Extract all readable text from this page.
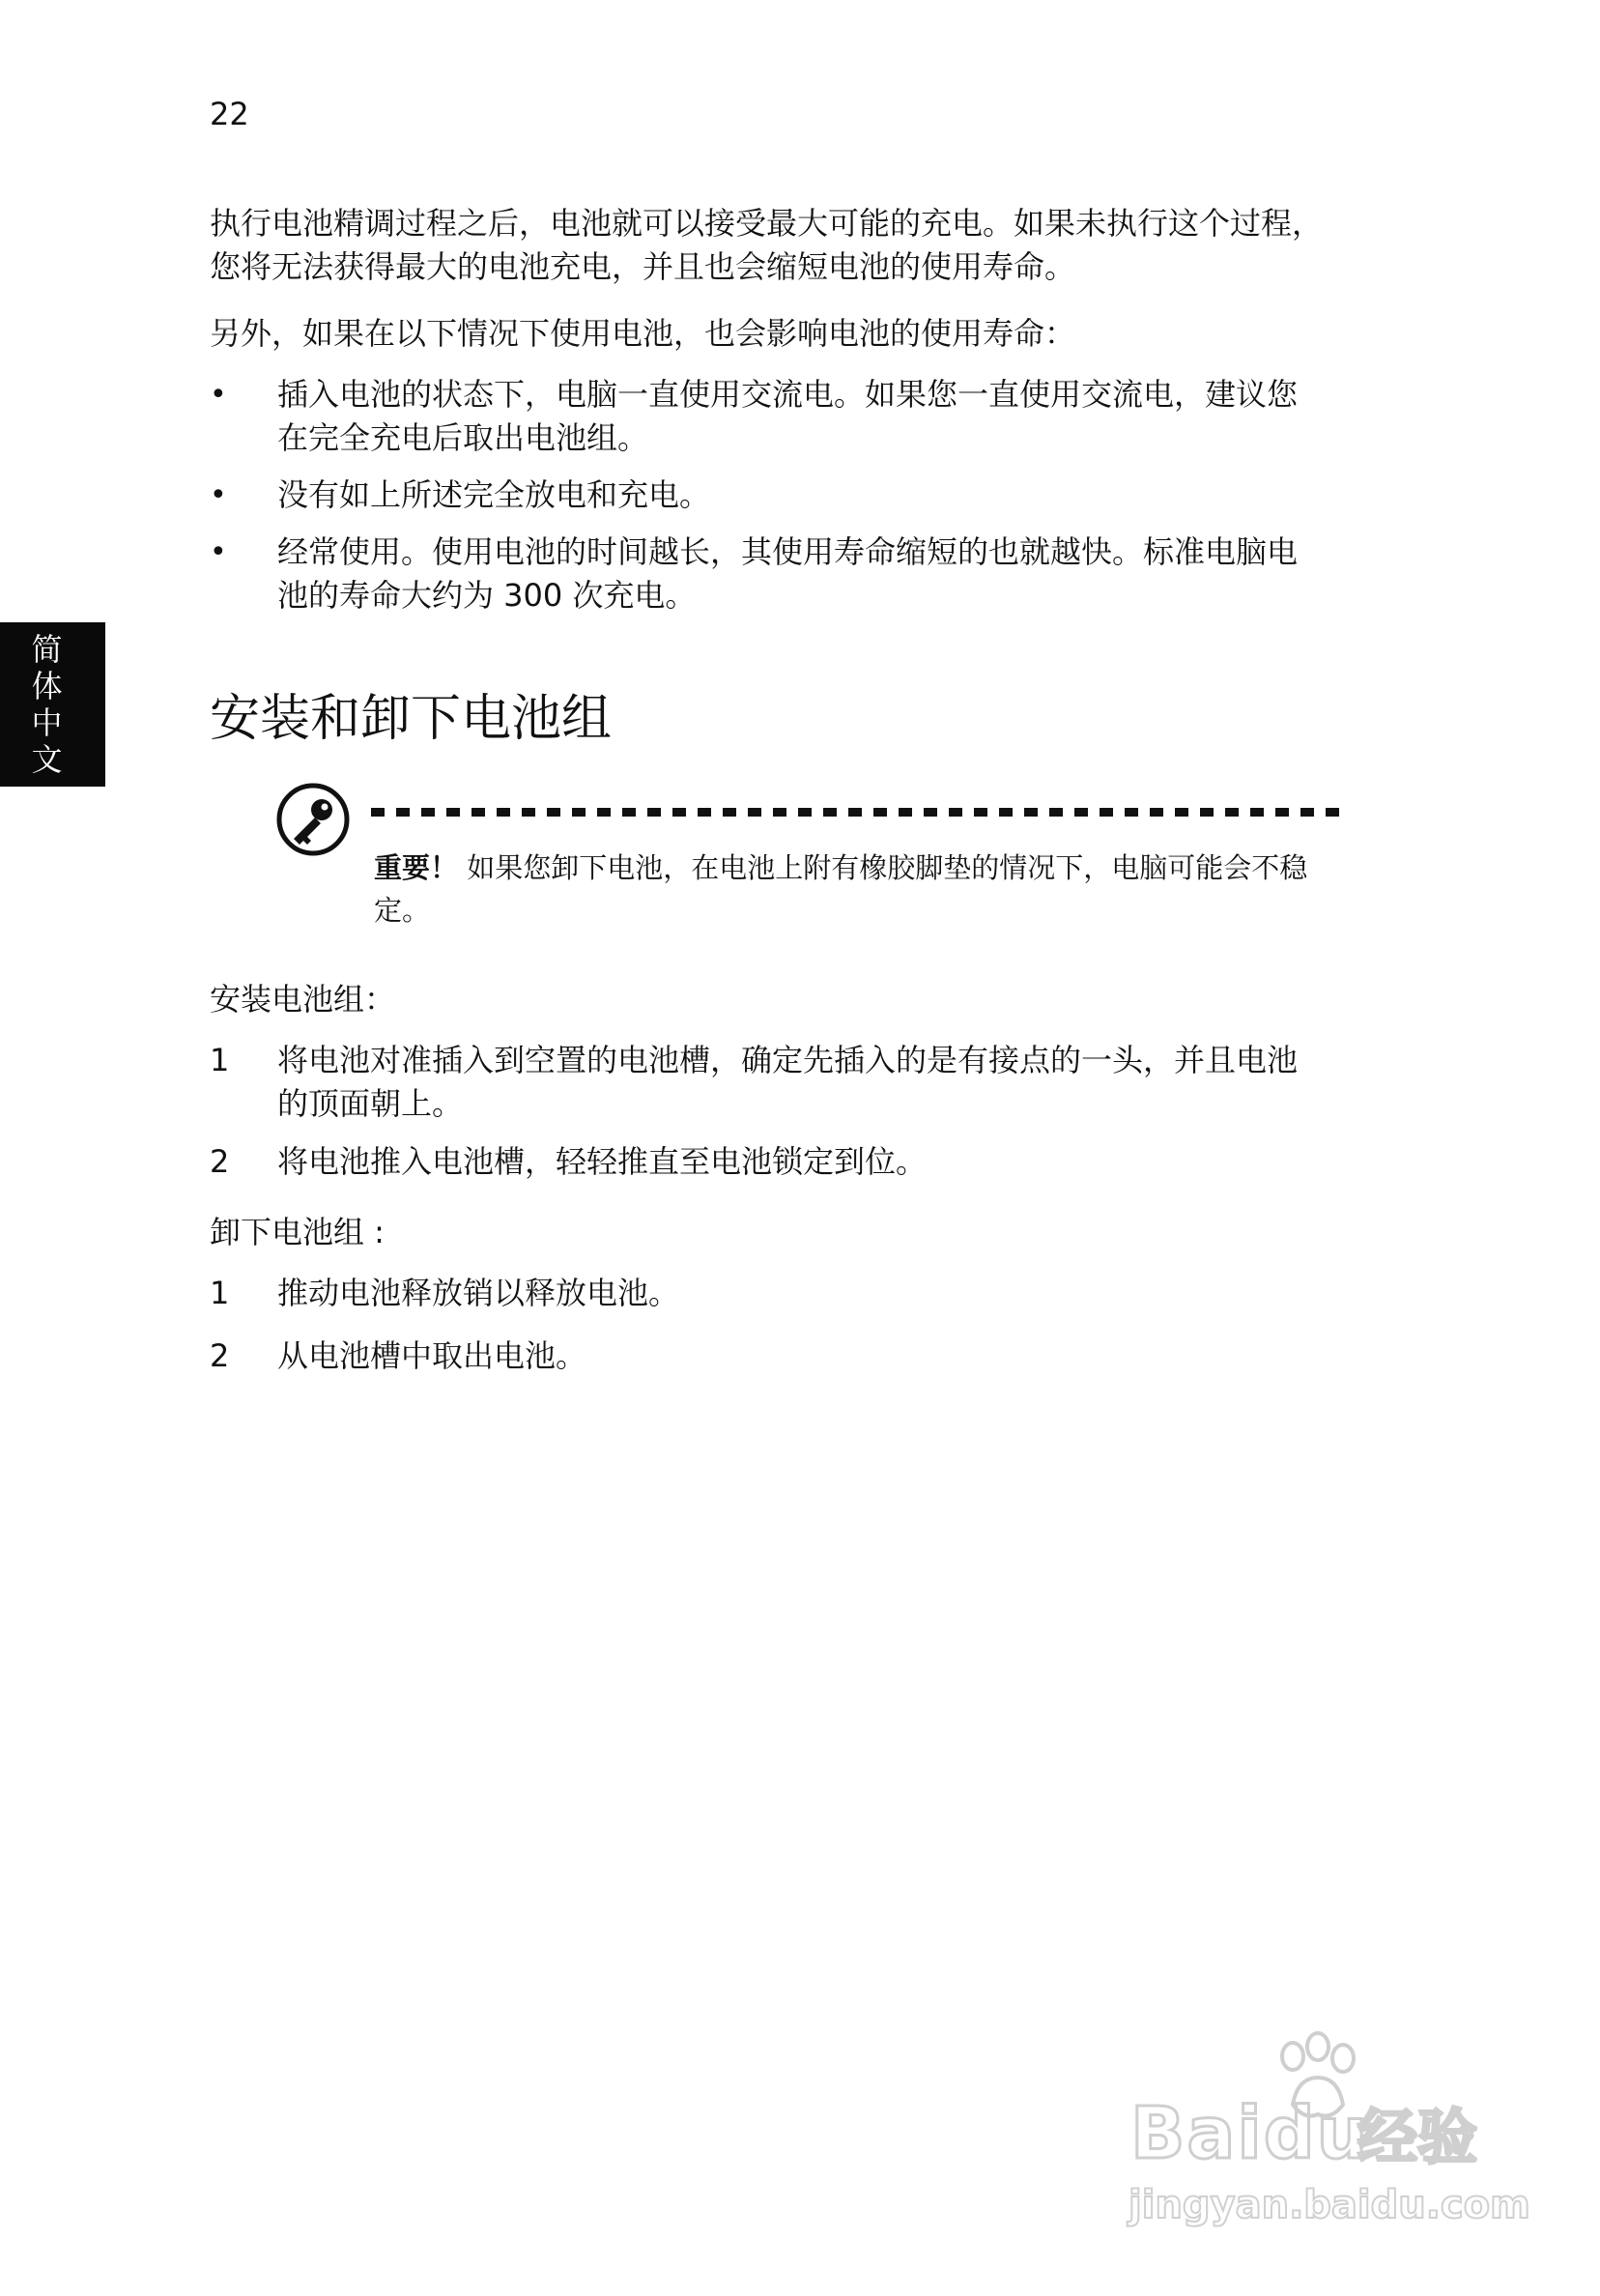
22
简
体
中
文

执行电池精调过程之后，电池就可以接受最大可能的充电。如果未执行这个过程，您将无法获得最大的电池充电，并且也会缩短电池的使用寿命。

另外，如果在以下情况下使用电池，也会影响电池的使用寿命：

•	插入电池的状态下，电脑一直使用交流电。如果您一直使用交流电，建议您在完全充电后取出电池组。
•	没有如上所述完全放电和充电。
•	经常使用。使用电池的时间越长，其使用寿命缩短的也就越快。标准电脑电池的寿命大约为 300 次充电。
安装和卸下电池组

安装电池组：

1	将电池对准插入到空置的电池槽，确定先插入的是有接点的一头，并且电池的顶面朝上。
2	将电池推入电池槽，轻轻推直至电池锁定到位。

卸下电池组 :

1	推动电池释放销以释放电池。
2	从电池槽中取出电池。
重要！ 如果您卸下电池，在电池上附有橡胶脚垫的情况下，电脑可能会不稳定。
Baidu
经验
jingyan.baidu.com
